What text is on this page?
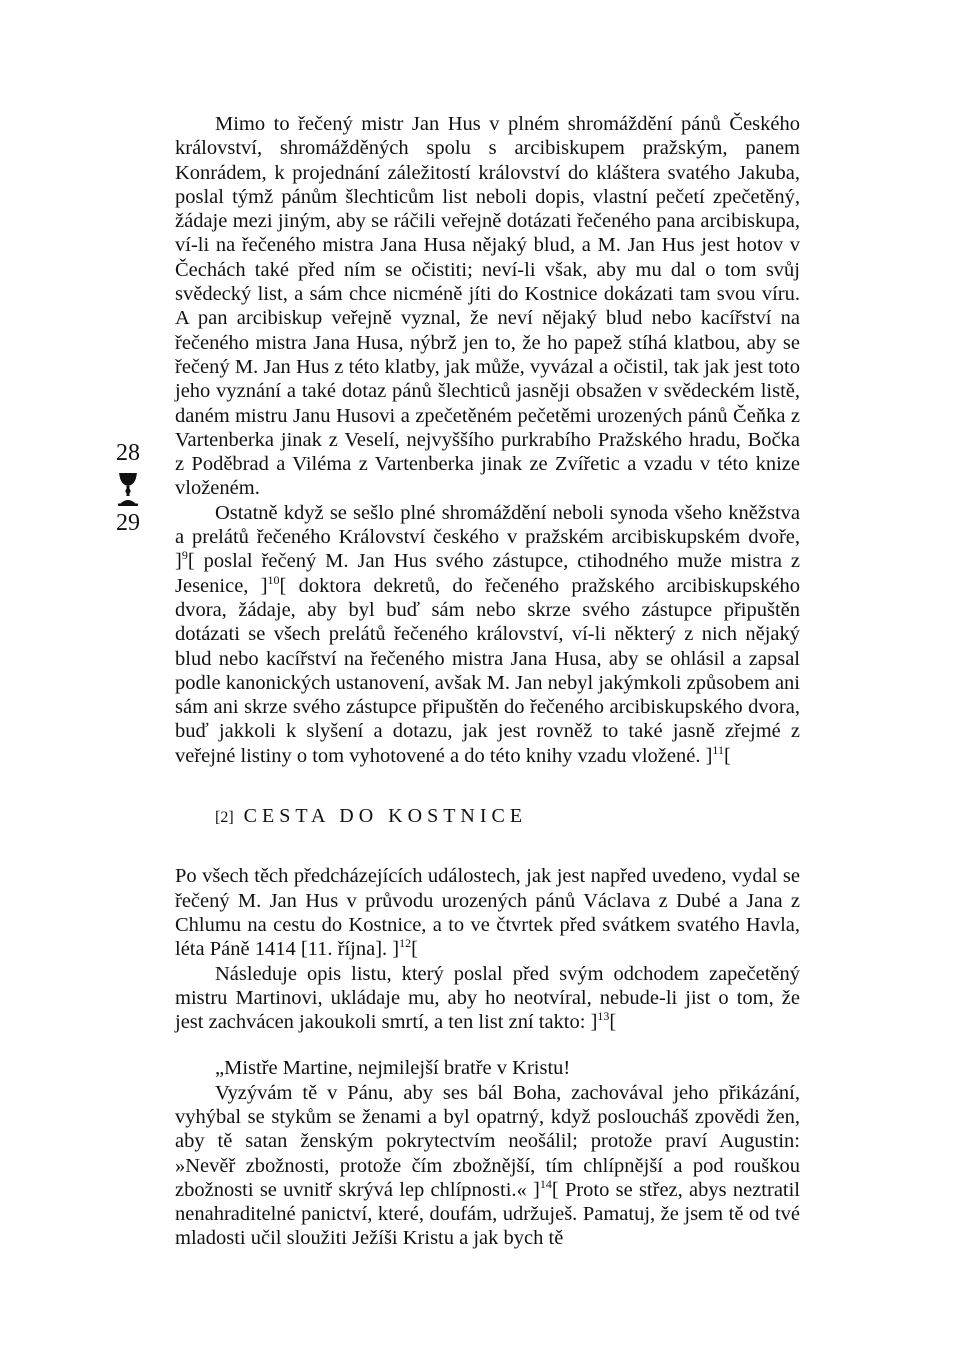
28
29

Mimo to řečený mistr Jan Hus v plném shromáždění pánů Českého království, shromážděných spolu s arcibiskupem pražským, panem Konrádem, k projednání záležitostí království do kláštera svatého Jakuba, poslal týmž pánům šlechticům list neboli dopis, vlastní pečetí zpečetěný, žádaje mezi jiným, aby se ráčili veřejně dotázati řečeného pana arcibiskupa, ví-li na řečeného mistra Jana Husa nějaký blud, a M. Jan Hus jest hotov v Čechách také před ním se očistiti; neví-li však, aby mu dal o tom svůj svědecký list, a sám chce nicméně jíti do Kostnice dokázati tam svou víru. A pan arcibiskup veřejně vyznal, že neví nějaký blud nebo kacířství na řečeného mistra Jana Husa, nýbrž jen to, že ho papež stíhá klatbou, aby se řečený M. Jan Hus z této klatby, jak může, vyvázal a očistil, tak jak jest toto jeho vyznání a také dotaz pánů šlechticů jasněji obsažen v svědeckém listě, daném mistru Janu Husovi a zpečetěném pečetěmi urozených pánů Čeňka z Vartenberka jinak z Veselí, nejvyššího purkrabího Pražského hradu, Bočka z Poděbrad a Viléma z Vartenberka jinak ze Zvířetic a vzadu v této knize vloženém.

Ostatně když se sešlo plné shromáždění neboli synoda všeho kněžstva a prelátů řečeného Království českého v pražském arcibiskupském dvoře, ]$^9$[ poslal řečený M. Jan Hus svého zástupce, ctihodného muže mistra z Jesenice, ]$^{10}$[ doktora dekretů, do řečeného pražského arcibiskupského dvora, žádaje, aby byl buď sám nebo skrze svého zástupce připuštěn dotázati se všech prelátů řečeného království, ví-li některý z nich nějaký blud nebo kacířství na řečeného mistra Jana Husa, aby se ohlásil a zapsal podle kanonických ustanovení, avšak M. Jan nebyl jakýmkoli způsobem ani sám ani skrze svého zástupce připuštěn do řečeného arcibiskupského dvora, buď jakkoli k slyšení a dotazu, jak jest rovněž to také jasně zřejmé z veřejné listiny o tom vyhotovené a do této knihy vzadu vložené. ]$^{11}$[

[2] CESTA DO KOSTNICE

Po všech těch předcházejících událostech, jak jest napřed uvedeno, vydal se řečený M. Jan Hus v průvodu urozených pánů Václava z Dubé a Jana z Chlumu na cestu do Kostnice, a to ve čtvrtek před svátkem svatého Havla, léta Páně 1414 [11. října]. ]$^{12}$[

Následuje opis listu, který poslal před svým odchodem zapečetěný mistru Martinovi, ukládaje mu, aby ho neotvíral, nebude-li jist o tom, že jest zachvácen jakoukoli smrtí, a ten list zní takto: ]$^{13}$[

„Mistře Martine, nejmilejší bratře v Kristu!

Vyzývám tě v Pánu, aby ses bál Boha, zachovával jeho přikázání, vyhýbal se stykům se ženami a byl opatrný, když posloucháš zpovědi žen, aby tě satan ženským pokrytectvím neošálil; protože praví Augustin: »Nevěř zbožnosti, protože čím zbožnější, tím chlípnější a pod rouškou zbožnosti se uvnitř skrývá lep chlípnosti.« ]$^{14}$[ Proto se střez, abys neztratil nenahraditelné panictví, které, doufám, udržuješ. Pamatuj, že jsem tě od tvé mladosti učil sloužiti Ježíši Kristu a jak bych tě
